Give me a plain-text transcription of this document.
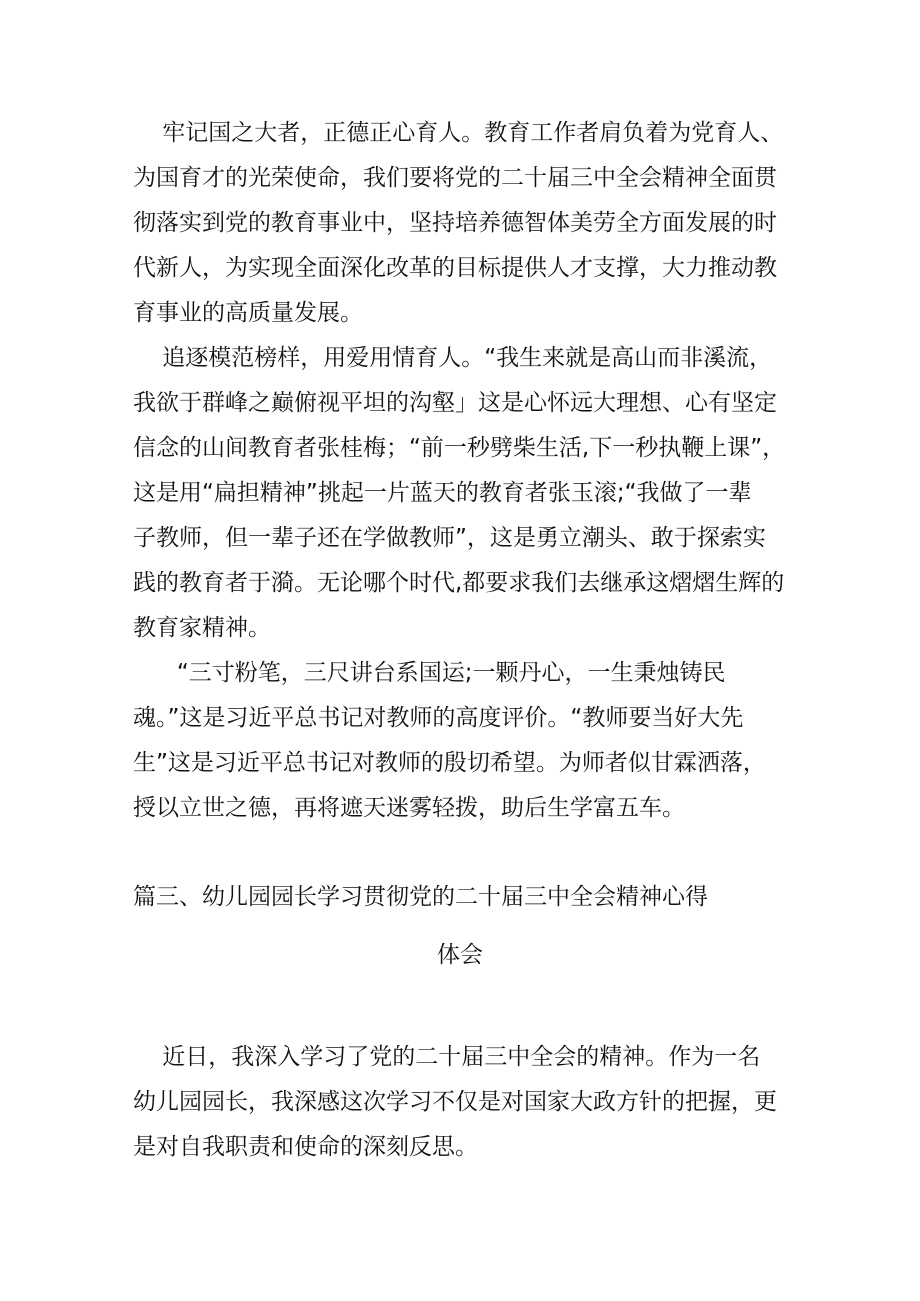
牢记国之大者，正德正心育人。教育工作者肩负着为党育人、
为国育才的光荣使命，我们要将党的二十届三中全会精神全面贯
彻落实到党的教育事业中，坚持培养德智体美劳全方面发展的时
代新人，为实现全面深化改革的目标提供人才支撑，大力推动教
育事业的高质量发展。
追逐模范榜样，用爱用情育人。“我生来就是高山而非溪流，
我欲于群峰之巅俯视平坦的沟壑」这是心怀远大理想、心有坚定
信念的山间教育者张桂梅；“前一秒劈柴生活,下一秒执鞭上课”，
这是用“扁担精神”挑起一片蓝天的教育者张玉滚;“我做了一辈
子教师，但一辈子还在学做教师”，这是勇立潮头、敢于探索实
践的教育者于漪。无论哪个时代,都要求我们去继承这熠熠生辉的
教育家精神。
“三寸粉笔，三尺讲台系国运;一颗丹心，一生秉烛铸民
魂。”这是习近平总书记对教师的高度评价。“教师要当好大先
生”这是习近平总书记对教师的殷切希望。为师者似甘霖洒落，
授以立世之德，再将遮天迷雾轻拨，助后生学富五车。
篇三、幼儿园园长学习贯彻党的二十届三中全会精神心得
体会
近日，我深入学习了党的二十届三中全会的精神。作为一名
幼儿园园长，我深感这次学习不仅是对国家大政方针的把握，更
是对自我职责和使命的深刻反思。
